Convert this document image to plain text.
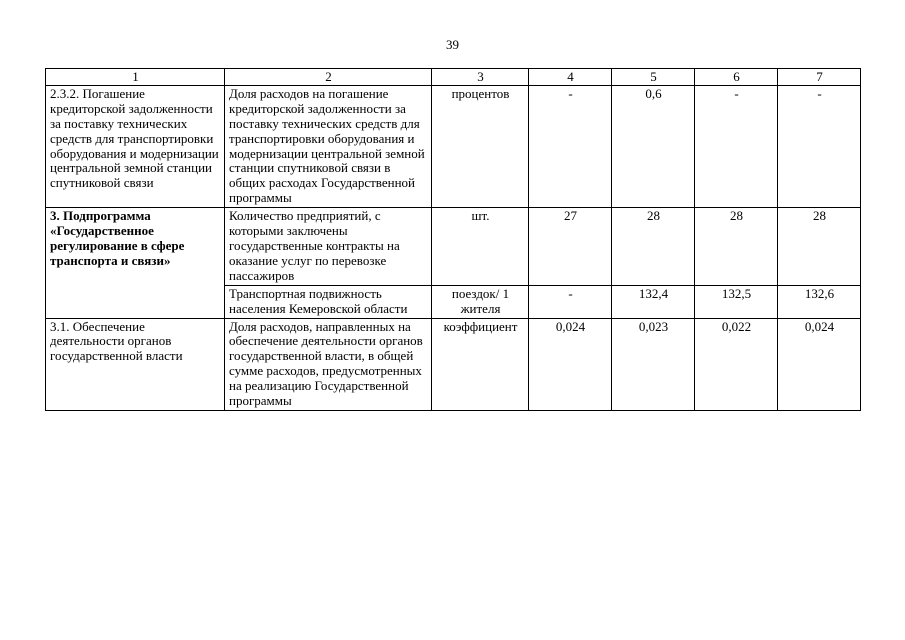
39
1	2	3	4	5	6	7
2.3.2. Погашение кредиторской задолженности за поставку технических средств для транспортировки оборудования и модернизации центральной земной станции спутниковой связи	Доля расходов на погашение кредиторской задолженности за поставку технических средств для транспортировки оборудования и модернизации центральной земной станции спутниковой связи в общих расходах Государственной программы	процентов	-	0,6	-	-
3. Подпрограмма «Государственное регулирование в сфере транспорта и связи»	Количество предприятий, с которыми заключены государственные контракты на оказание услуг по перевозке пассажиров	шт.	27	28	28	28
	Транспортная подвижность населения Кемеровской области	поездок/ 1 жителя	-	132,4	132,5	132,6
3.1. Обеспечение деятельности органов государственной власти	Доля расходов, направленных на обеспечение деятельности органов государственной власти, в общей сумме расходов, предусмотренных на реализацию Государственной программы	коэффициент	0,024	0,023	0,022	0,024
